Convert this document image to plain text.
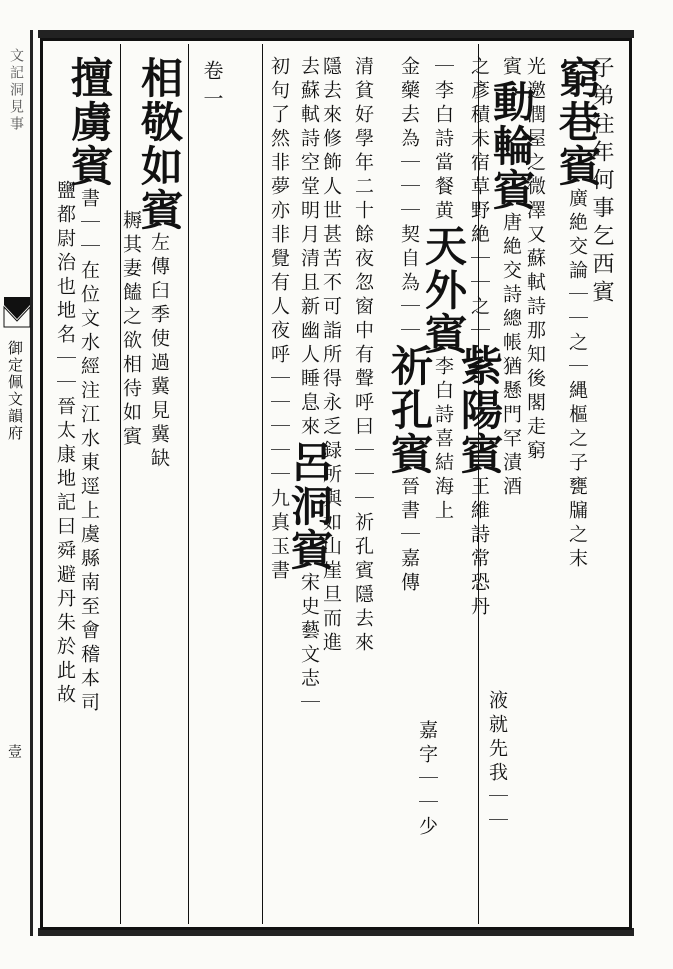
文記洞見事
御定佩文韻府
壹
卷一	子弟往年何事乞西賓
窮巷賓廣絶交論｜｜之｜縄樞之子甕牖之末
光邀潤屋之微澤又蘇軾詩那知後閣走窮
賓動輪賓唐絶交詩總帳猶懸門罕漬酒
之彥積未宿草野絶｜｜之｜紫陽賓王維詩常恐丹
液就先我｜｜
｜李白詩當餐黄天外賓李白詩喜結海上
金藥去為｜｜｜契自為｜｜祈孔賓晉書｜嘉傳
嘉字｜｜少
清貧好學年二十餘夜忽窗中有聲呼曰｜｜｜祈孔賓隱去來
隱去來修飾人世甚苦不可詣所得永乏録所與如山崖旦而進
去蘇軾詩空堂明月清且新幽人睡息來呂洞賓宋史藝文志｜
初句了然非夢亦非覺有人夜呼｜｜｜｜｜九真玉書
相敬如賓左傳臼季使過冀見冀缺
耨其妻饁之欲相待如賓
擅虜賓書｜｜在位文水經注江水東逕上虞縣南至會稽本司
鹽都尉治也地名｜｜晉太康地記曰舜避丹朱於此故
